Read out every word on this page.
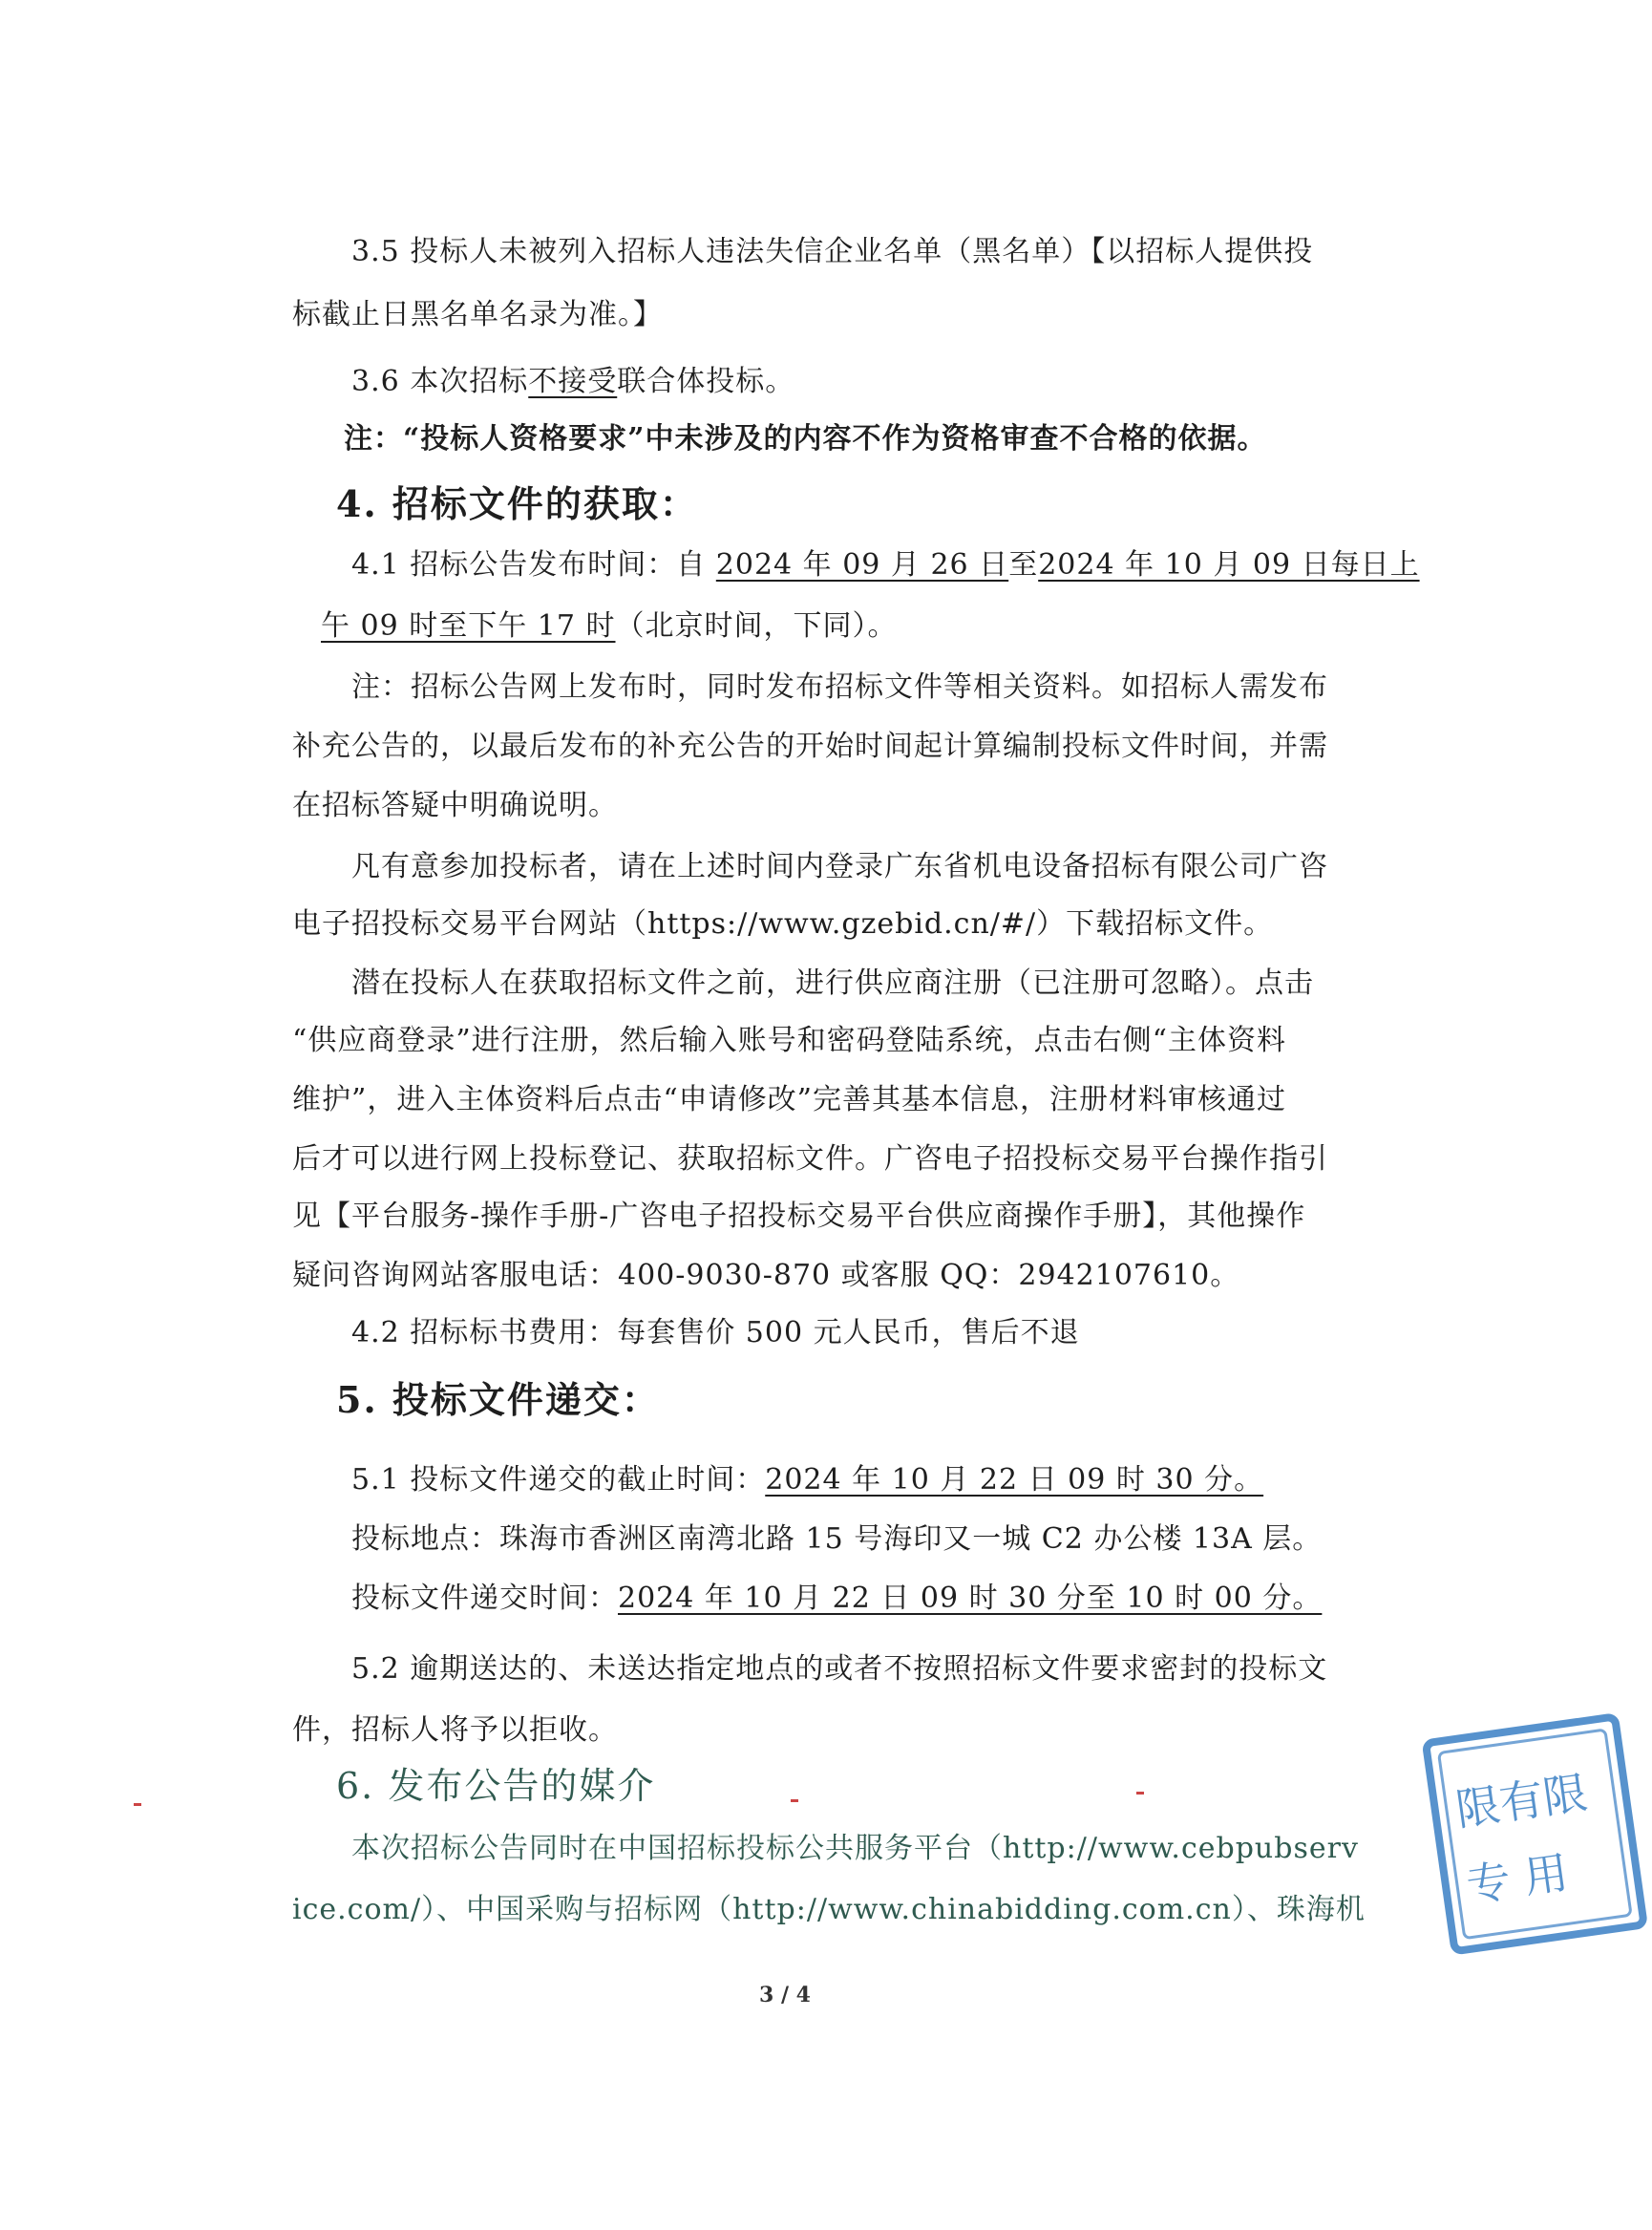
3.5 投标人未被列入招标人违法失信企业名单（黑名单）【以招标人提供投
标截止日黑名单名录为准。】
3.6 本次招标不接受联合体投标。
注：“投标人资格要求”中未涉及的内容不作为资格审查不合格的依据。
4. 招标文件的获取：
4.1 招标公告发布时间：自 2024 年 09 月 26 日至2024 年 10 月 09 日每日上
午 09 时至下午 17 时（北京时间，下同）。
注：招标公告网上发布时，同时发布招标文件等相关资料。如招标人需发布
补充公告的，以最后发布的补充公告的开始时间起计算编制投标文件时间，并需
在招标答疑中明确说明。
凡有意参加投标者，请在上述时间内登录广东省机电设备招标有限公司广咨
电子招投标交易平台网站（https://www.gzebid.cn/#/）下载招标文件。
潜在投标人在获取招标文件之前，进行供应商注册（已注册可忽略）。点击
“供应商登录”进行注册，然后输入账号和密码登陆系统，点击右侧“主体资料
维护”，进入主体资料后点击“申请修改”完善其基本信息，注册材料审核通过
后才可以进行网上投标登记、获取招标文件。广咨电子招投标交易平台操作指引
见【平台服务-操作手册-广咨电子招投标交易平台供应商操作手册】，其他操作
疑问咨询网站客服电话：400-9030-870 或客服 QQ：2942107610。
4.2 招标标书费用：每套售价 500 元人民币，售后不退
5. 投标文件递交：
5.1 投标文件递交的截止时间：2024 年 10 月 22 日 09 时 30 分。
投标地点：珠海市香洲区南湾北路 15 号海印又一城 C2 办公楼 13A 层。
投标文件递交时间：2024 年 10 月 22 日 09 时 30 分至 10 时 00 分。
5.2 逾期送达的、未送达指定地点的或者不按照招标文件要求密封的投标文
件，招标人将予以拒收。
6. 发布公告的媒介
本次招标公告同时在中国招标投标公共服务平台（http://www.cebpubserv
ice.com/）、中国采购与招标网（http://www.chinabidding.com.cn）、珠海机
3 / 4
限有限
专 用
